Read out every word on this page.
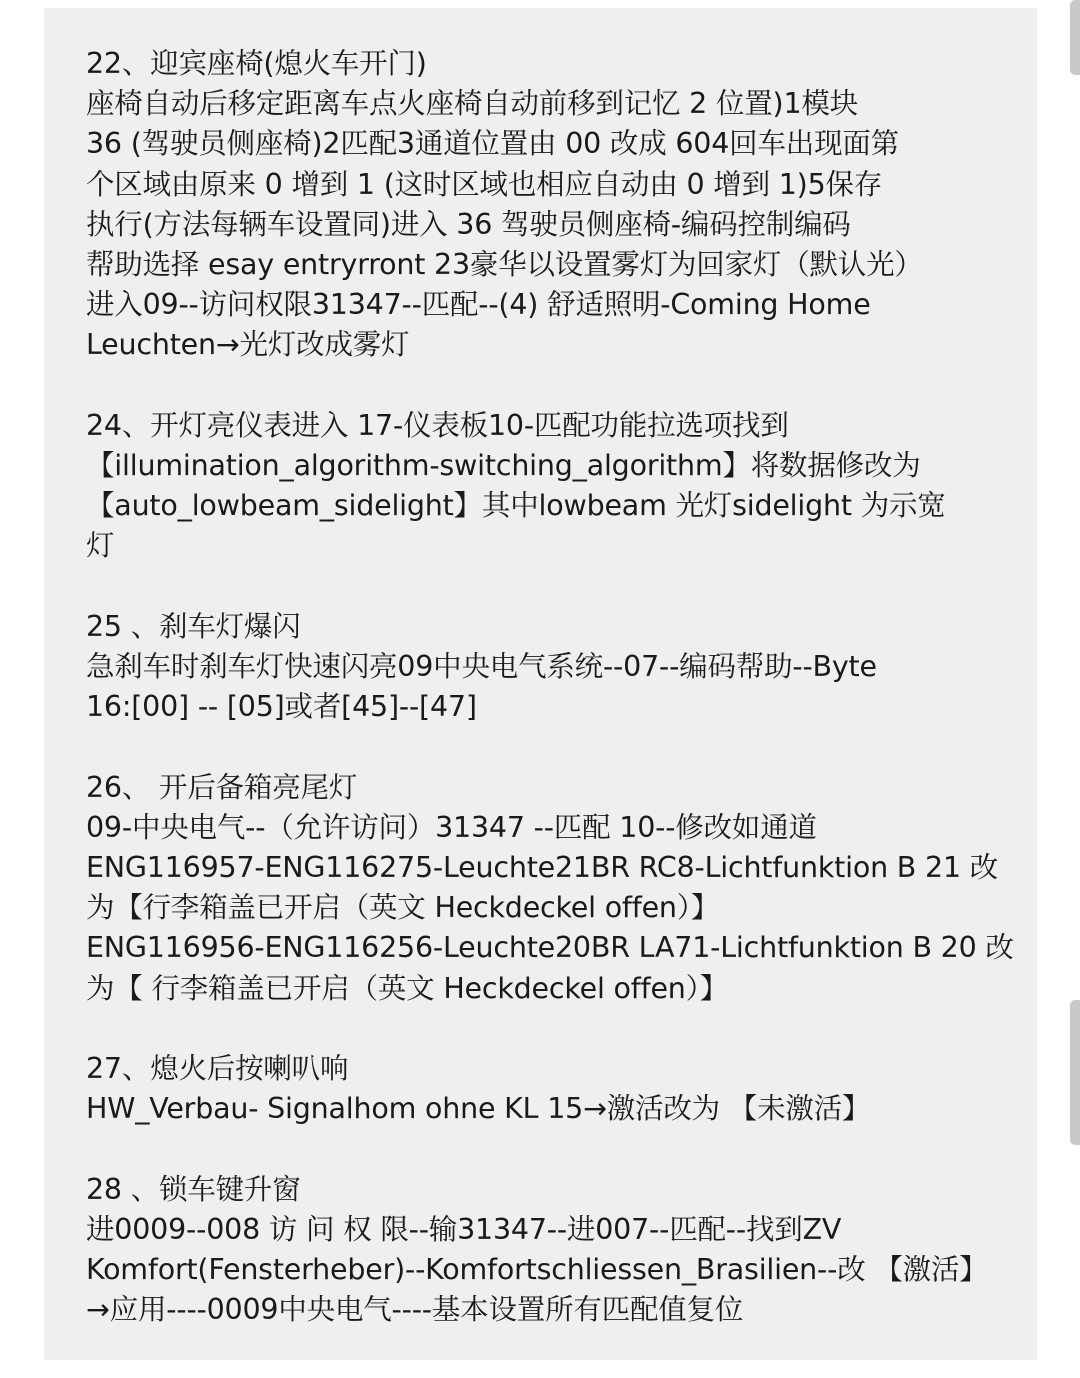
22、迎宾座椅(熄火车开门)
座椅自动后移定距离车点火座椅自动前移到记忆 2 位置)1模块
36 (驾驶员侧座椅)2匹配3通道位置由 00 改成 604回车出现面第
个区域由原来 0 增到 1 (这时区域也相应自动由 0 增到 1)5保存
执行(方法每辆车设置同)进入 36 驾驶员侧座椅-编码控制编码
帮助选择 esay entryrront 23豪华以设置雾灯为回家灯（默认光）
进入09--访问权限31347--匹配--(4) 舒适照明-Coming Home
Leuchten→光灯改成雾灯
24、开灯亮仪表进入 17-仪表板10-匹配功能拉选项找到
【illumination_algorithm-switching_algorithm】将数据修改为
【auto_lowbeam_sidelight】其中lowbeam 光灯sidelight 为示宽
灯
25 、刹车灯爆闪
急刹车时刹车灯快速闪亮09中央电气系统--07--编码帮助--Byte
16:[00] -- [05]或者[45]--[47]
26、 开后备箱亮尾灯
09-中央电气--（允许访问）31347 --匹配 10--修改如通道
ENG116957-ENG116275-Leuchte21BR RC8-Lichtfunktion B 21 改
为【行李箱盖已开启（英文 Heckdeckel offen）】
ENG116956-ENG116256-Leuchte20BR LA71-Lichtfunktion B 20 改
为【 行李箱盖已开启（英文 Heckdeckel offen）】
27、熄火后按喇叭响
HW_Verbau- Signalhom ohne KL 15→激活改为 【未激活】
28 、锁车键升窗
进0009--008 访 问 权 限--输31347--进007--匹配--找到ZV
Komfort(Fensterheber)--Komfortschliessen_Brasilien--改 【激活】
→应用----0009中央电气----基本设置所有匹配值复位
